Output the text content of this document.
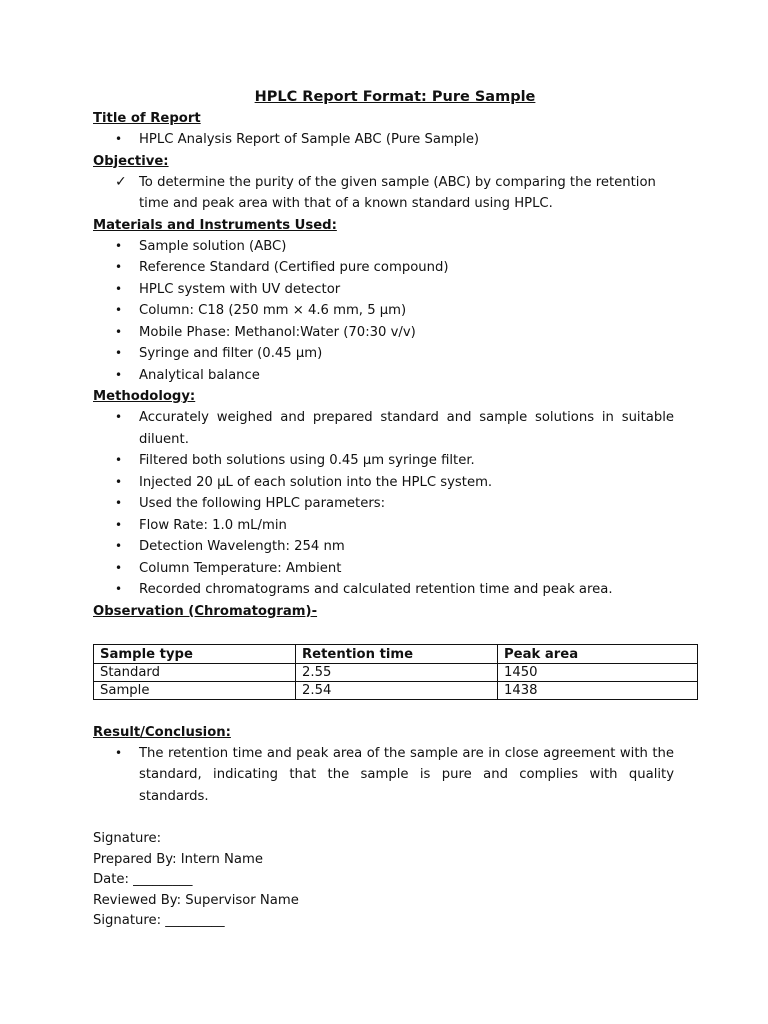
HPLC Report Format: Pure Sample

Title of Report

• HPLC Analysis Report of Sample ABC (Pure Sample)

Objective:

✓ To determine the purity of the given sample (ABC) by comparing the retention time and peak area with that of a known standard using HPLC.

Materials and Instruments Used:

• Sample solution (ABC)
• Reference Standard (Certified pure compound)
• HPLC system with UV detector
• Column: C18 (250 mm × 4.6 mm, 5 µm)
• Mobile Phase: Methanol:Water (70:30 v/v)
• Syringe and filter (0.45 µm)
• Analytical balance

Methodology:

• Accurately weighed and prepared standard and sample solutions in suitable diluent.
• Filtered both solutions using 0.45 µm syringe filter.
• Injected 20 µL of each solution into the HPLC system.
• Used the following HPLC parameters:
• Flow Rate: 1.0 mL/min
• Detection Wavelength: 254 nm
• Column Temperature: Ambient
• Recorded chromatograms and calculated retention time and peak area.

Observation (Chromatogram)-

Sample type	Retention time	Peak area
Standard	2.55	1450
Sample	2.54	1438

Result/Conclusion:

• The retention time and peak area of the sample are in close agreement with the standard, indicating that the sample is pure and complies with quality standards.

Signature:

Prepared By: Intern Name

Date: _________

Reviewed By: Supervisor Name

Signature: _________
